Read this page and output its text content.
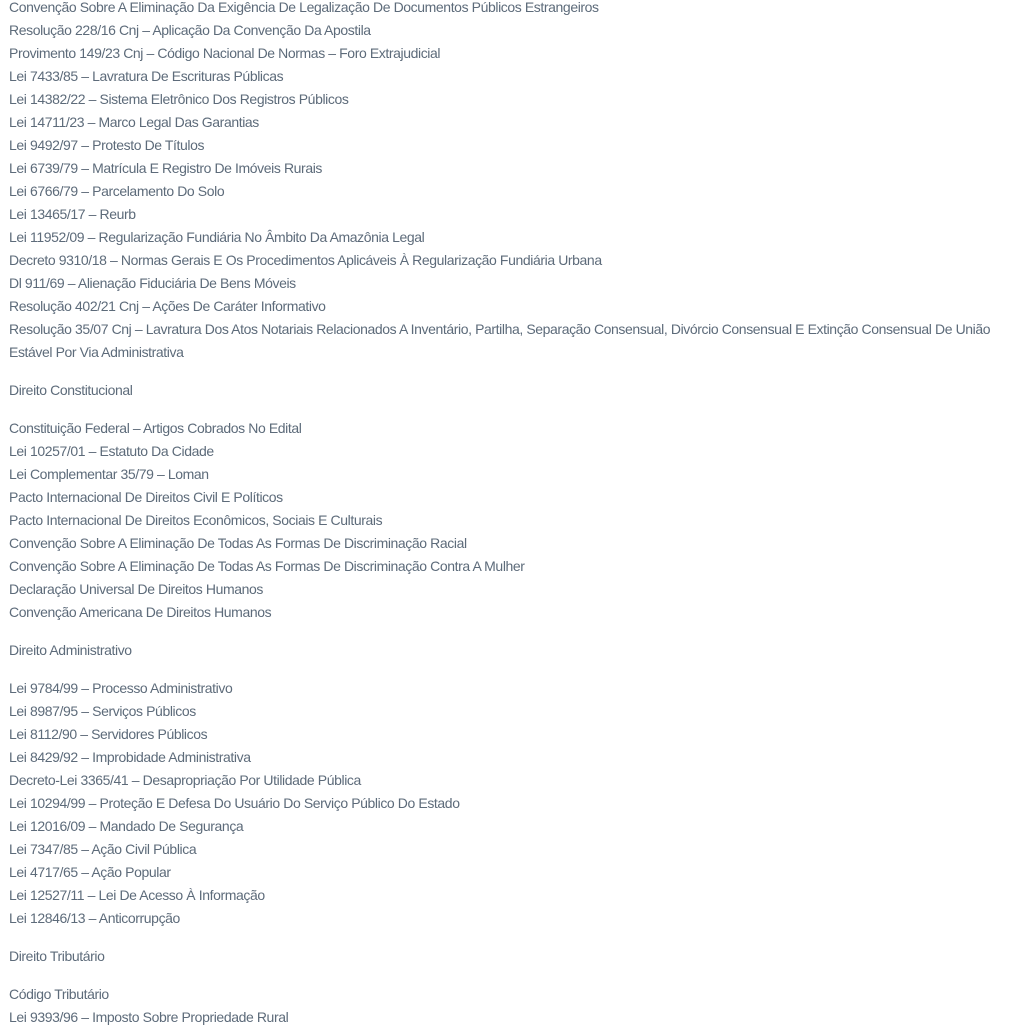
Convenção Sobre A Eliminação Da Exigência De Legalização De Documentos Públicos Estrangeiros
Resolução 228/16 Cnj – Aplicação Da Convenção Da Apostila
Provimento 149/23 Cnj – Código Nacional De Normas – Foro Extrajudicial
Lei 7433/85 – Lavratura De Escrituras Públicas
Lei 14382/22 – Sistema Eletrônico Dos Registros Públicos
Lei 14711/23 – Marco Legal Das Garantias
Lei 9492/97 – Protesto De Títulos
Lei 6739/79 – Matrícula E Registro De Imóveis Rurais
Lei 6766/79 – Parcelamento Do Solo
Lei 13465/17 – Reurb
Lei 11952/09 – Regularização Fundiária No Âmbito Da Amazônia Legal
Decreto 9310/18 – Normas Gerais E Os Procedimentos Aplicáveis À Regularização Fundiária Urbana
Dl 911/69 – Alienação Fiduciária De Bens Móveis
Resolução 402/21 Cnj – Ações De Caráter Informativo
Resolução 35/07 Cnj – Lavratura Dos Atos Notariais Relacionados A Inventário, Partilha, Separação Consensual, Divórcio Consensual E Extinção Consensual De União Estável Por Via Administrativa

Direito Constitucional

Constituição Federal – Artigos Cobrados No Edital
Lei 10257/01 – Estatuto Da Cidade
Lei Complementar 35/79 – Loman
Pacto Internacional De Direitos Civil E Políticos
Pacto Internacional De Direitos Econômicos, Sociais E Culturais
Convenção Sobre A Eliminação De Todas As Formas De Discriminação Racial
Convenção Sobre A Eliminação De Todas As Formas De Discriminação Contra A Mulher
Declaração Universal De Direitos Humanos
Convenção Americana De Direitos Humanos

Direito Administrativo

Lei 9784/99 – Processo Administrativo
Lei 8987/95 – Serviços Públicos
Lei 8112/90 – Servidores Públicos
Lei 8429/92 – Improbidade Administrativa
Decreto-Lei 3365/41 – Desapropriação Por Utilidade Pública
Lei 10294/99 – Proteção E Defesa Do Usuário Do Serviço Público Do Estado
Lei 12016/09 – Mandado De Segurança
Lei 7347/85 – Ação Civil Pública
Lei 4717/65 – Ação Popular
Lei 12527/11 – Lei De Acesso À Informação
Lei 12846/13 – Anticorrupção

Direito Tributário

Código Tributário
Lei 9393/96 – Imposto Sobre Propriedade Rural
